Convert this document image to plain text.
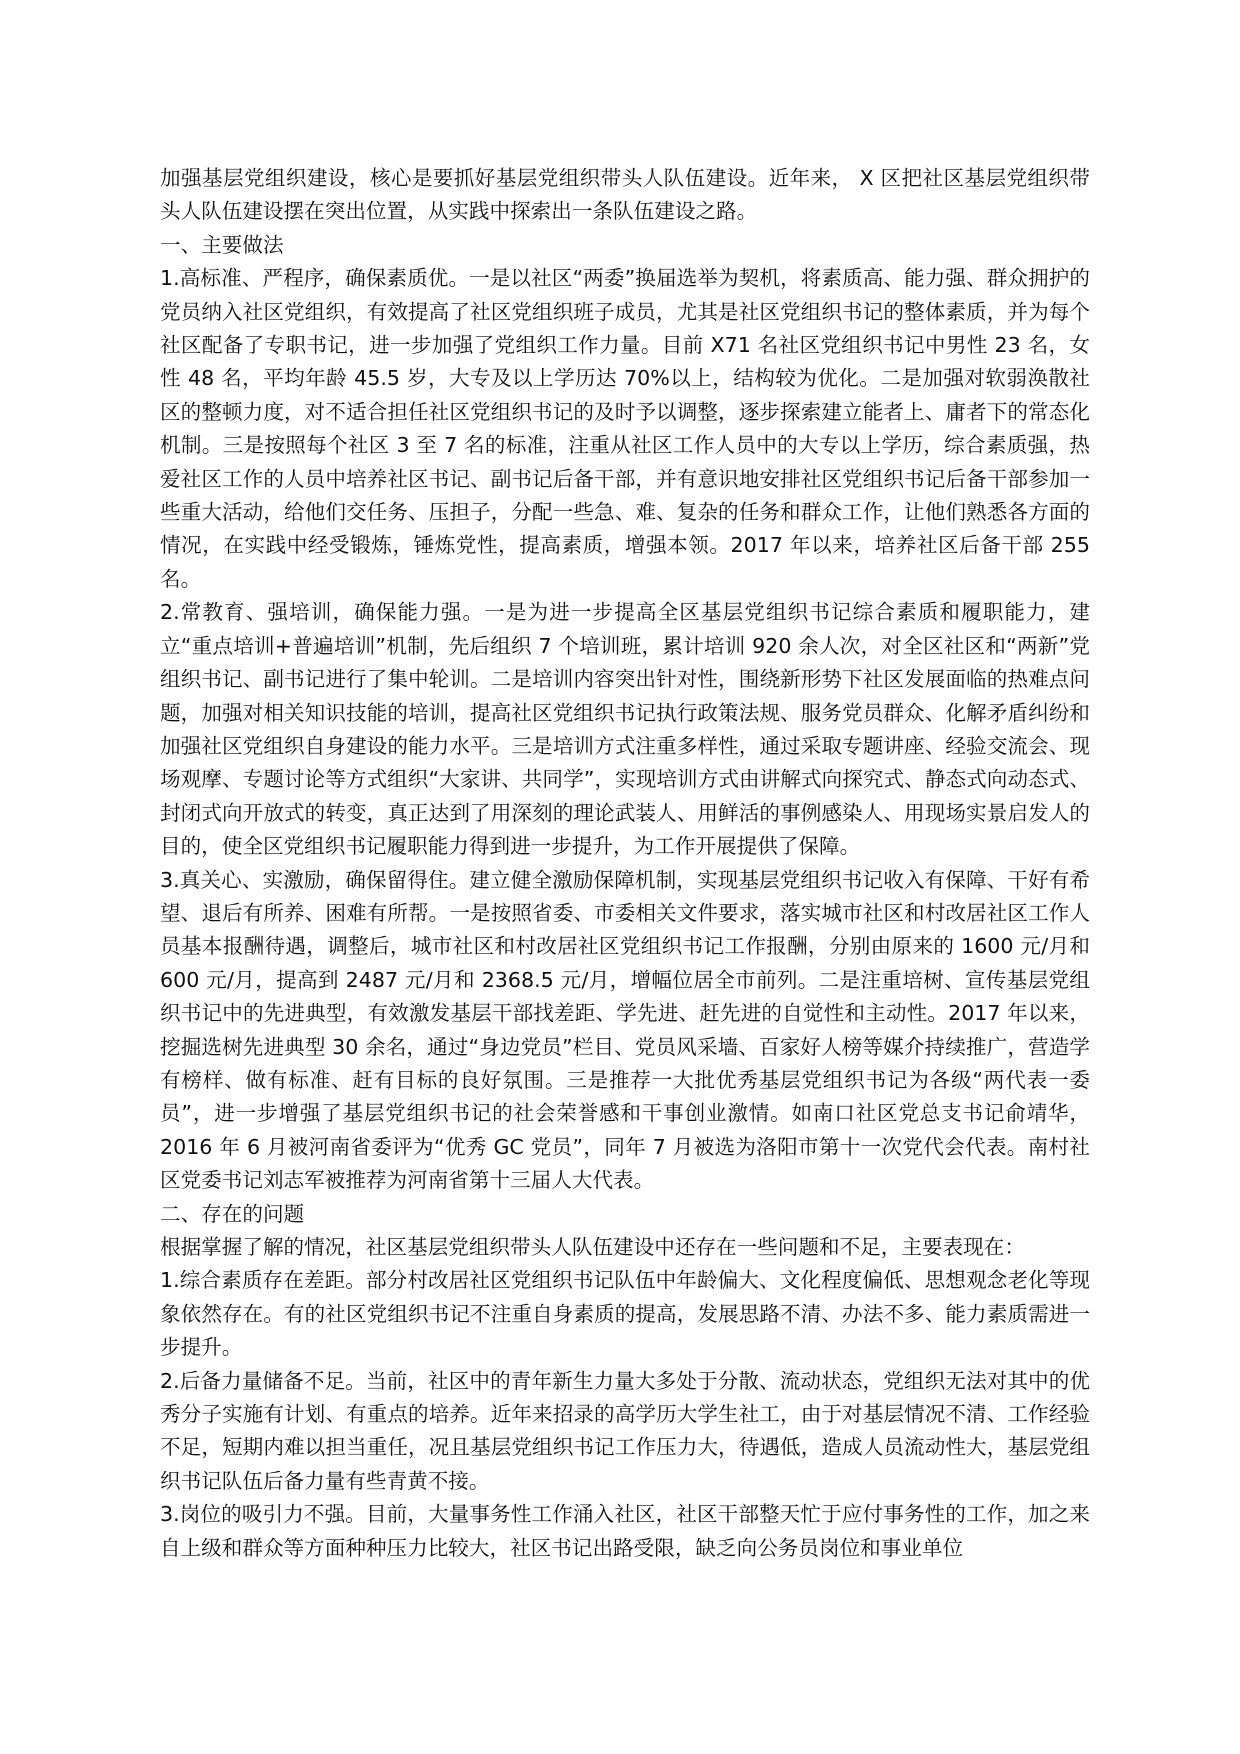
加强基层党组织建设，核心是要抓好基层党组织带头人队伍建设。近年来， X 区把社区基层党组织带头人队伍建设摆在突出位置，从实践中探索出一条队伍建设之路。

一、主要做法

1.高标准、严程序，确保素质优。一是以社区“两委”换届选举为契机，将素质高、能力强、群众拥护的党员纳入社区党组织，有效提高了社区党组织班子成员，尤其是社区党组织书记的整体素质，并为每个社区配备了专职书记，进一步加强了党组织工作力量。目前 X71 名社区党组织书记中男性 23 名，女性 48 名，平均年龄 45.5 岁，大专及以上学历达 70%以上，结构较为优化。二是加强对软弱涣散社区的整顿力度，对不适合担任社区党组织书记的及时予以调整，逐步探索建立能者上、庸者下的常态化机制。三是按照每个社区 3 至 7 名的标准，注重从社区工作人员中的大专以上学历，综合素质强，热爱社区工作的人员中培养社区书记、副书记后备干部，并有意识地安排社区党组织书记后备干部参加一些重大活动，给他们交任务、压担子，分配一些急、难、复杂的任务和群众工作，让他们熟悉各方面的情况，在实践中经受锻炼，锤炼党性，提高素质，增强本领。2017 年以来，培养社区后备干部 255 名。

2.常教育、强培训，确保能力强。一是为进一步提高全区基层党组织书记综合素质和履职能力，建立“重点培训+普遍培训”机制，先后组织 7 个培训班，累计培训 920 余人次，对全区社区和“两新”党组织书记、副书记进行了集中轮训。二是培训内容突出针对性，围绕新形势下社区发展面临的热难点问题，加强对相关知识技能的培训，提高社区党组织书记执行政策法规、服务党员群众、化解矛盾纠纷和加强社区党组织自身建设的能力水平。三是培训方式注重多样性，通过采取专题讲座、经验交流会、现场观摩、专题讨论等方式组织“大家讲、共同学”，实现培训方式由讲解式向探究式、静态式向动态式、封闭式向开放式的转变，真正达到了用深刻的理论武装人、用鲜活的事例感染人、用现场实景启发人的目的，使全区党组织书记履职能力得到进一步提升，为工作开展提供了保障。

3.真关心、实激励，确保留得住。建立健全激励保障机制，实现基层党组织书记收入有保障、干好有希望、退后有所养、困难有所帮。一是按照省委、市委相关文件要求，落实城市社区和村改居社区工作人员基本报酬待遇，调整后，城市社区和村改居社区党组织书记工作报酬，分别由原来的 1600 元/月和 600 元/月，提高到 2487 元/月和 2368.5 元/月，增幅位居全市前列。二是注重培树、宣传基层党组织书记中的先进典型，有效激发基层干部找差距、学先进、赶先进的自觉性和主动性。2017 年以来，挖掘选树先进典型 30 余名，通过“身边党员”栏目、党员风采墙、百家好人榜等媒介持续推广，营造学有榜样、做有标准、赶有目标的良好氛围。三是推荐一大批优秀基层党组织书记为各级“两代表一委员”，进一步增强了基层党组织书记的社会荣誉感和干事创业激情。如南口社区党总支书记俞靖华， 2016 年 6 月被河南省委评为“优秀 GC 党员”，同年 7 月被选为洛阳市第十一次党代会代表。南村社区党委书记刘志军被推荐为河南省第十三届人大代表。

二、存在的问题

根据掌握了解的情况，社区基层党组织带头人队伍建设中还存在一些问题和不足，主要表现在：

1.综合素质存在差距。部分村改居社区党组织书记队伍中年龄偏大、文化程度偏低、思想观念老化等现象依然存在。有的社区党组织书记不注重自身素质的提高，发展思路不清、办法不多、能力素质需进一步提升。

2.后备力量储备不足。当前，社区中的青年新生力量大多处于分散、流动状态，党组织无法对其中的优秀分子实施有计划、有重点的培养。近年来招录的高学历大学生社工，由于对基层情况不清、工作经验不足，短期内难以担当重任，况且基层党组织书记工作压力大，待遇低，造成人员流动性大，基层党组织书记队伍后备力量有些青黄不接。

3.岗位的吸引力不强。目前，大量事务性工作涌入社区，社区干部整天忙于应付事务性的工作，加之来自上级和群众等方面种种压力比较大，社区书记出路受限，缺乏向公务员岗位和事业单位
